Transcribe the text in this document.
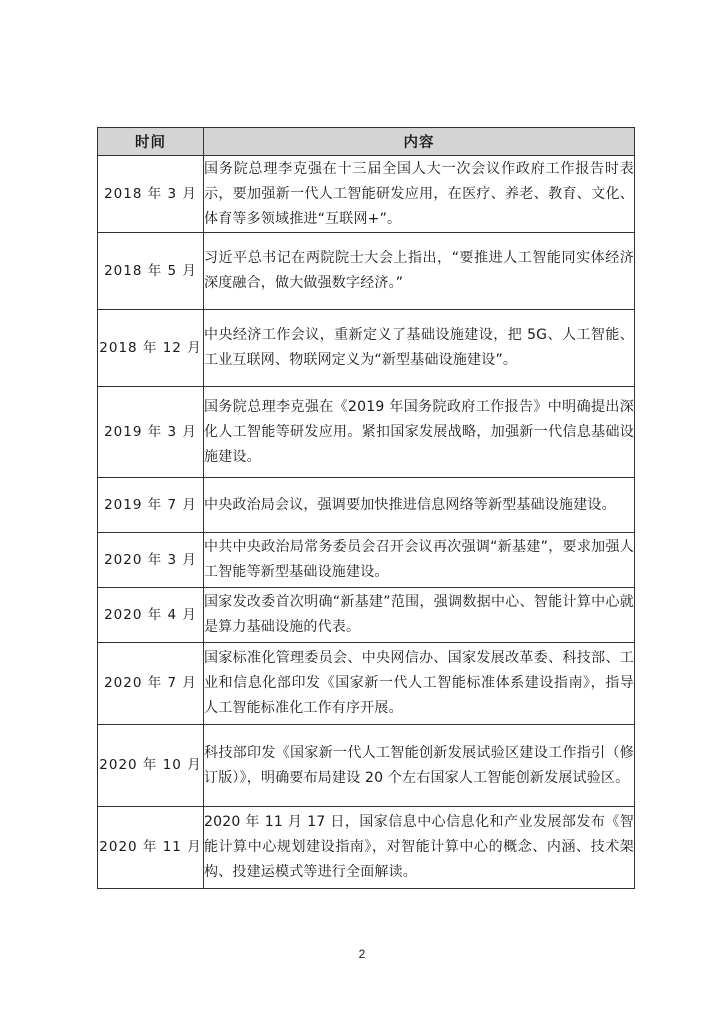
时间	内容
2018 年 3 月	国务院总理李克强在十三届全国人大一次会议作政府工作报告时表示，要加强新一代人工智能研发应用，在医疗、养老、教育、文化、体育等多领域推进“互联网+”。
2018 年 5 月	习近平总书记在两院院士大会上指出，“要推进人工智能同实体经济深度融合，做大做强数字经济。”
2018 年 12 月	中央经济工作会议，重新定义了基础设施建设，把 5G、人工智能、工业互联网、物联网定义为“新型基础设施建设”。
2019 年 3 月	国务院总理李克强在《2019 年国务院政府工作报告》中明确提出深化人工智能等研发应用。紧扣国家发展战略，加强新一代信息基础设施建设。
2019 年 7 月	中央政治局会议，强调要加快推进信息网络等新型基础设施建设。
2020 年 3 月	中共中央政治局常务委员会召开会议再次强调“新基建”，要求加强人工智能等新型基础设施建设。
2020 年 4 月	国家发改委首次明确“新基建”范围，强调数据中心、智能计算中心就是算力基础设施的代表。
2020 年 7 月	国家标准化管理委员会、中央网信办、国家发展改革委、科技部、工业和信息化部印发《国家新一代人工智能标准体系建设指南》，指导人工智能标准化工作有序开展。
2020 年 10 月	科技部印发《国家新一代人工智能创新发展试验区建设工作指引（修订版）》，明确要布局建设 20 个左右国家人工智能创新发展试验区。
2020 年 11 月	2020 年 11 月 17 日，国家信息中心信息化和产业发展部发布《智能计算中心规划建设指南》，对智能计算中心的概念、内涵、技术架构、投建运模式等进行全面解读。
2
